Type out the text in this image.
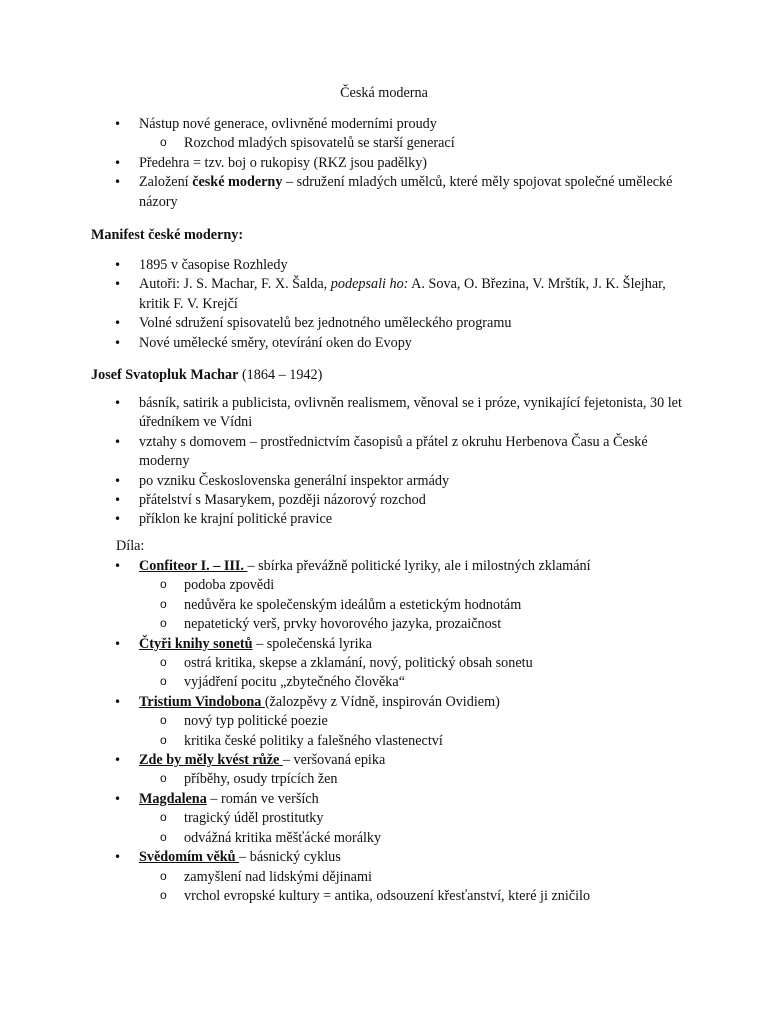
Česká moderna
• Nástup nové generace, ovlivněné moderními proudy
o Rozchod mladých spisovatelů se starší generací
• Předehra = tzv. boj o rukopisy (RKZ jsou padělky)
• Založení české moderny – sdružení mladých umělců, které měly spojovat společné umělecké názory
Manifest české moderny:
• 1895 v časopise Rozhledy
• Autoři: J. S. Machar, F. X. Šalda, podepsali ho: A. Sova, O. Březina, V. Mrštík, J. K. Šlejhar, kritik F. V. Krejčí
• Volné sdružení spisovatelů bez jednotného uměleckého programu
• Nové umělecké směry, otevírání oken do Evopy
Josef Svatopluk Machar (1864 – 1942)
• básník, satirik a publicista, ovlivněn realismem, věnoval se i próze, vynikající fejetonista, 30 let úředníkem ve Vídni
• vztahy s domovem – prostřednictvím časopisů a přátel z okruhu Herbenova Času a České moderny
• po vzniku Československa generální inspektor armády
• přátelství s Masarykem, později názorový rozchod
• příklon ke krajní politické pravice
Díla:
• Confiteor I. – III. – sbírka převážně politické lyriky, ale i milostných zklamání
o podoba zpovědi
o nedůvěra ke společenským ideálům a estetickým hodnotám
o nepatetický verš, prvky hovorového jazyka, prozaičnost
• Čtyři knihy sonetů – společenská lyrika
o ostrá kritika, skepse a zklamání, nový, politický obsah sonetu
o vyjádření pocitu „zbytečného člověka“
• Tristium Vindobona (žalozpěvy z Vídně, inspirován Ovidiem)
o nový typ politické poezie
o kritika české politiky a falešného vlastenectví
• Zde by měly kvést růže – veršovaná epika
o příběhy, osudy trpících žen
• Magdalena – román ve verších
o tragický úděl prostitutky
o odvážná kritika měšťácké morálky
• Svědomím věků – básnický cyklus
o zamyšlení nad lidskými dějinami
o vrchol evropské kultury = antika, odsouzení křesťanství, které ji zničilo
